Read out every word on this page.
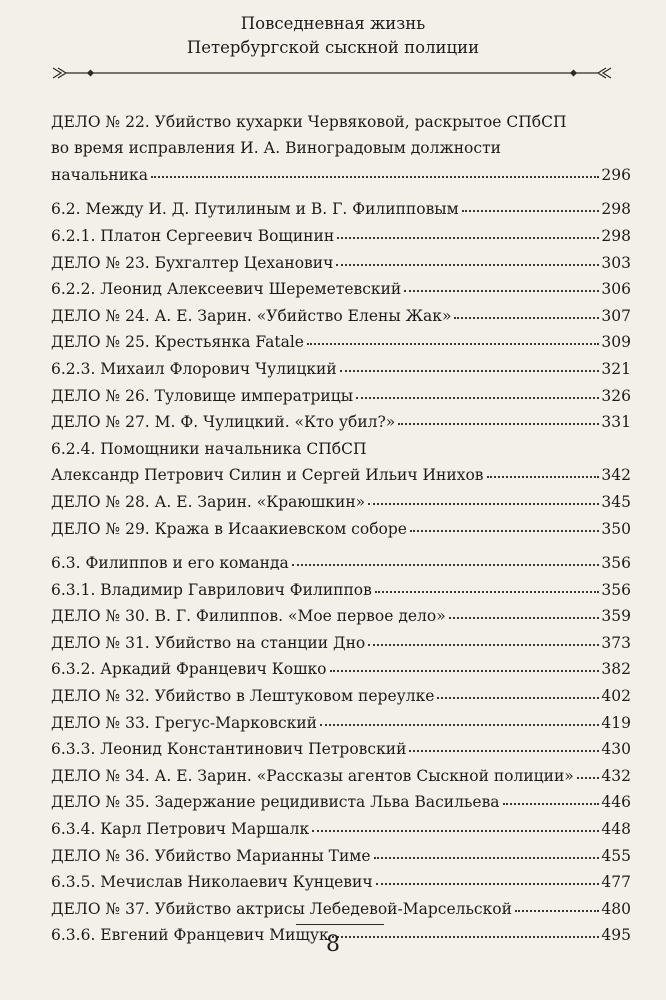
Повседневная жизнь
Петербургской сыскной полиции
ДЕЛО № 22. Убийство кухарки Червяковой, раскрытое СПбСП
во время исправления И. А. Виноградовым должности
начальника	296
6.2. Между И. Д. Путилиным и В. Г. Филипповым	298
6.2.1. Платон Сергеевич Вощинин	298
ДЕЛО № 23. Бухгалтер Цеханович	303
6.2.2. Леонид Алексеевич Шереметевский	306
ДЕЛО № 24. А. Е. Зарин. «Убийство Елены Жак»	307
ДЕЛО № 25. Крестьянка Fatale	309
6.2.3. Михаил Флорович Чулицкий	321
ДЕЛО № 26. Туловище императрицы	326
ДЕЛО № 27. М. Ф. Чулицкий. «Кто убил?»	331
6.2.4. Помощники начальника СПбСП
Александр Петрович Силин и Сергей Ильич Инихов	342
ДЕЛО № 28. А. Е. Зарин. «Краюшкин»	345
ДЕЛО № 29. Кража в Исаакиевском соборе	350
6.3. Филиппов и его команда	356
6.3.1. Владимир Гаврилович Филиппов	356
ДЕЛО № 30. В. Г. Филиппов. «Мое первое дело»	359
ДЕЛО № 31. Убийство на станции Дно	373
6.3.2. Аркадий Францевич Кошко	382
ДЕЛО № 32. Убийство в Лештуковом переулке	402
ДЕЛО № 33. Грегус-Марковский	419
6.3.3. Леонид Константинович Петровский	430
ДЕЛО № 34. А. Е. Зарин. «Рассказы агентов Сыскной полиции» 432
ДЕЛО № 35. Задержание рецидивиста Льва Васильева	446
6.3.4. Карл Петрович Маршалк	448
ДЕЛО № 36. Убийство Марианны Тиме	455
6.3.5. Мечислав Николаевич Кунцевич	477
ДЕЛО № 37. Убийство актрисы Лебедевой-Марсельской	480
6.3.6. Евгений Францевич Мищук	495
8
